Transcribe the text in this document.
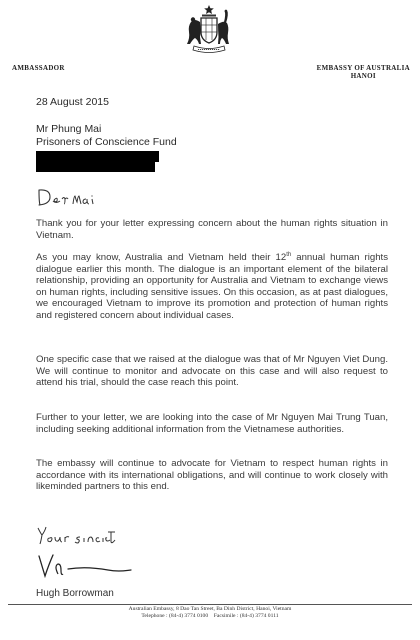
AMBASSADOR	EMBASSY OF AUSTRALIA
HANOI
28 August 2015
Mr Phung Mai
Prisoners of Conscience Fund

Thank you for your letter expressing concern about the human rights situation in Vietnam.

As you may know, Australia and Vietnam held their 12th annual human rights dialogue earlier this month. The dialogue is an important element of the bilateral relationship, providing an opportunity for Australia and Vietnam to exchange views on human rights, including sensitive issues. On this occasion, as at past dialogues, we encouraged Vietnam to improve its promotion and protection of human rights and registered concern about individual cases.

One specific case that we raised at the dialogue was that of Mr Nguyen Viet Dung. We will continue to monitor and advocate on this case and will also request to attend his trial, should the case reach this point.

Further to your letter, we are looking into the case of Mr Nguyen Mai Trung Tuan, including seeking additional information from the Vietnamese authorities.

The embassy will continue to advocate for Vietnam to respect human rights in accordance with its international obligations, and will continue to work closely with likeminded partners to this end.

Hugh Borrowman
Australian Embassy, 8 Dao Tan Street, Ba Dinh District, Hanoi, Vietnam
Telephone : (84-4) 3774 0100 Facsimile : (84-4) 3774 0111
